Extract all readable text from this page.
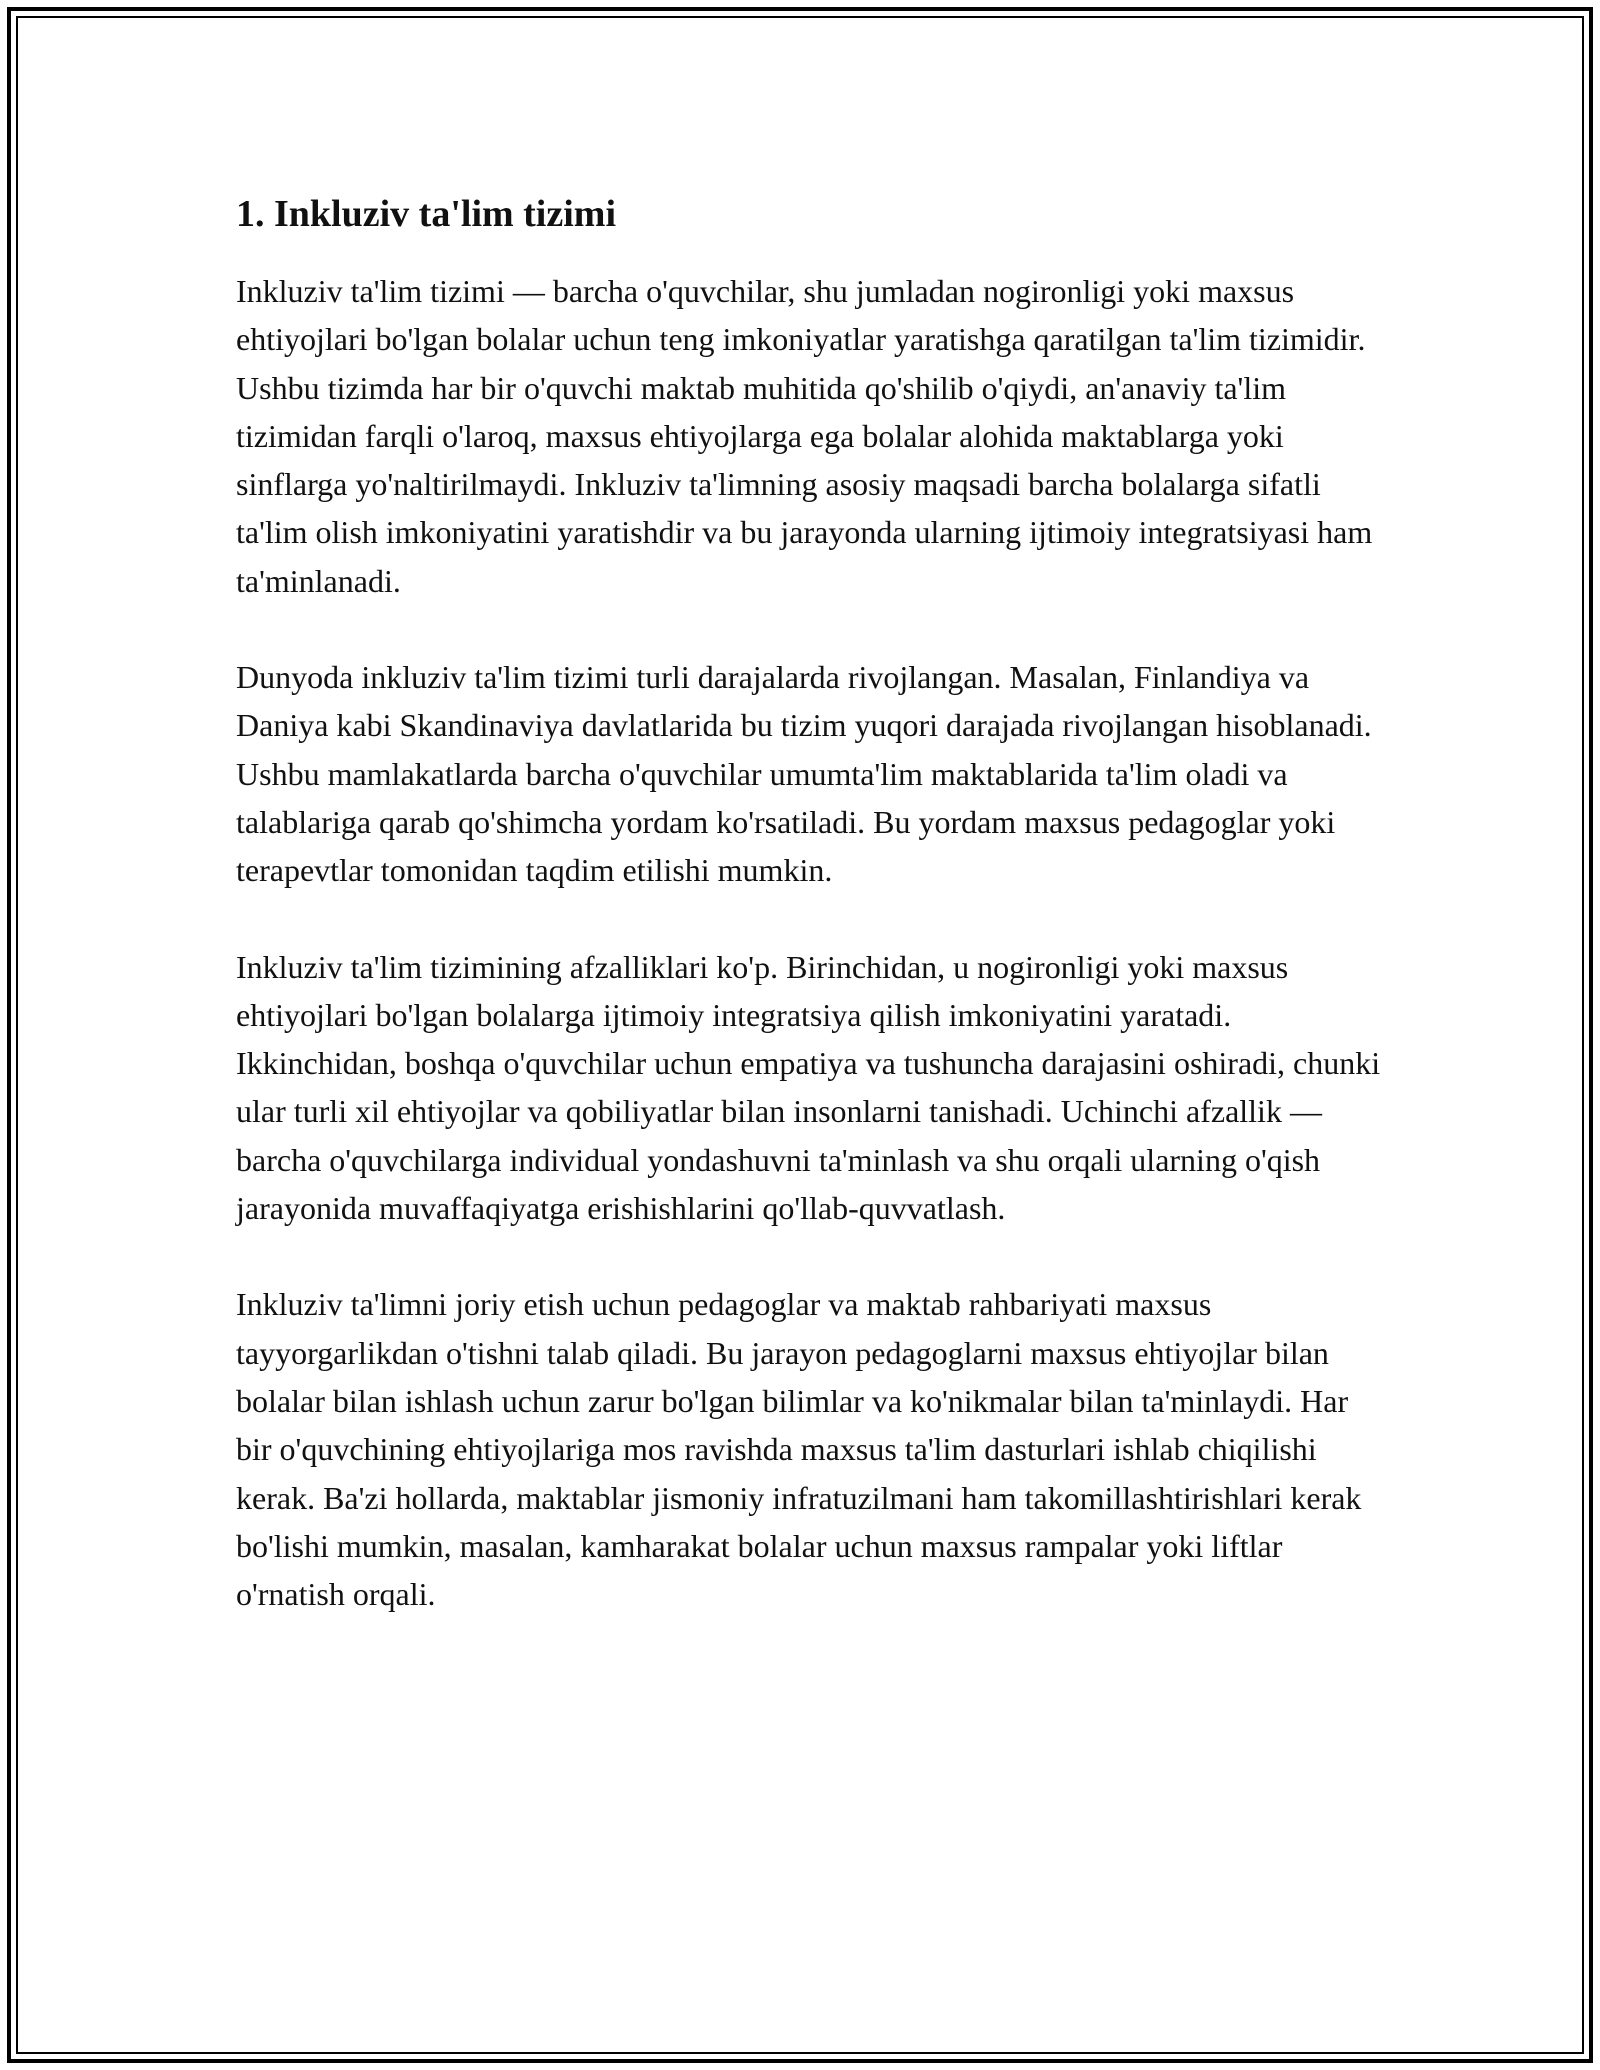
1. Inkluziv ta'lim tizimi

Inkluziv ta'lim tizimi — barcha o'quvchilar, shu jumladan nogironligi yoki maxsus ehtiyojlari bo'lgan bolalar uchun teng imkoniyatlar yaratishga qaratilgan ta'lim tizimidir. Ushbu tizimda har bir o'quvchi maktab muhitida qo'shilib o'qiydi, an'anaviy ta'lim tizimidan farqli o'laroq, maxsus ehtiyojlarga ega bolalar alohida maktablarga yoki sinflarga yo'naltirilmaydi. Inkluziv ta'limning asosiy maqsadi barcha bolalarga sifatli ta'lim olish imkoniyatini yaratishdir va bu jarayonda ularning ijtimoiy integratsiyasi ham ta'minlanadi.

Dunyoda inkluziv ta'lim tizimi turli darajalarda rivojlangan. Masalan, Finlandiya va Daniya kabi Skandinaviya davlatlarida bu tizim yuqori darajada rivojlangan hisoblanadi. Ushbu mamlakatlarda barcha o'quvchilar umumta'lim maktablarida ta'lim oladi va talablariga qarab qo'shimcha yordam ko'rsatiladi. Bu yordam maxsus pedagoglar yoki terapevtlar tomonidan taqdim etilishi mumkin.

Inkluziv ta'lim tizimining afzalliklari ko'p. Birinchidan, u nogironligi yoki maxsus ehtiyojlari bo'lgan bolalarga ijtimoiy integratsiya qilish imkoniyatini yaratadi. Ikkinchidan, boshqa o'quvchilar uchun empatiya va tushuncha darajasini oshiradi, chunki ular turli xil ehtiyojlar va qobiliyatlar bilan insonlarni tanishadi. Uchinchi afzallik — barcha o'quvchilarga individual yondashuvni ta'minlash va shu orqali ularning o'qish jarayonida muvaffaqiyatga erishishlarini qo'llab-quvvatlash.

Inkluziv ta'limni joriy etish uchun pedagoglar va maktab rahbariyati maxsus tayyorgarlikdan o'tishni talab qiladi. Bu jarayon pedagoglarni maxsus ehtiyojlar bilan bolalar bilan ishlash uchun zarur bo'lgan bilimlar va ko'nikmalar bilan ta'minlaydi. Har bir o'quvchining ehtiyojlariga mos ravishda maxsus ta'lim dasturlari ishlab chiqilishi kerak. Ba'zi hollarda, maktablar jismoniy infratuzilmani ham takomillashtirishlari kerak bo'lishi mumkin, masalan, kamharakat bolalar uchun maxsus rampalar yoki liftlar o'rnatish orqali.
